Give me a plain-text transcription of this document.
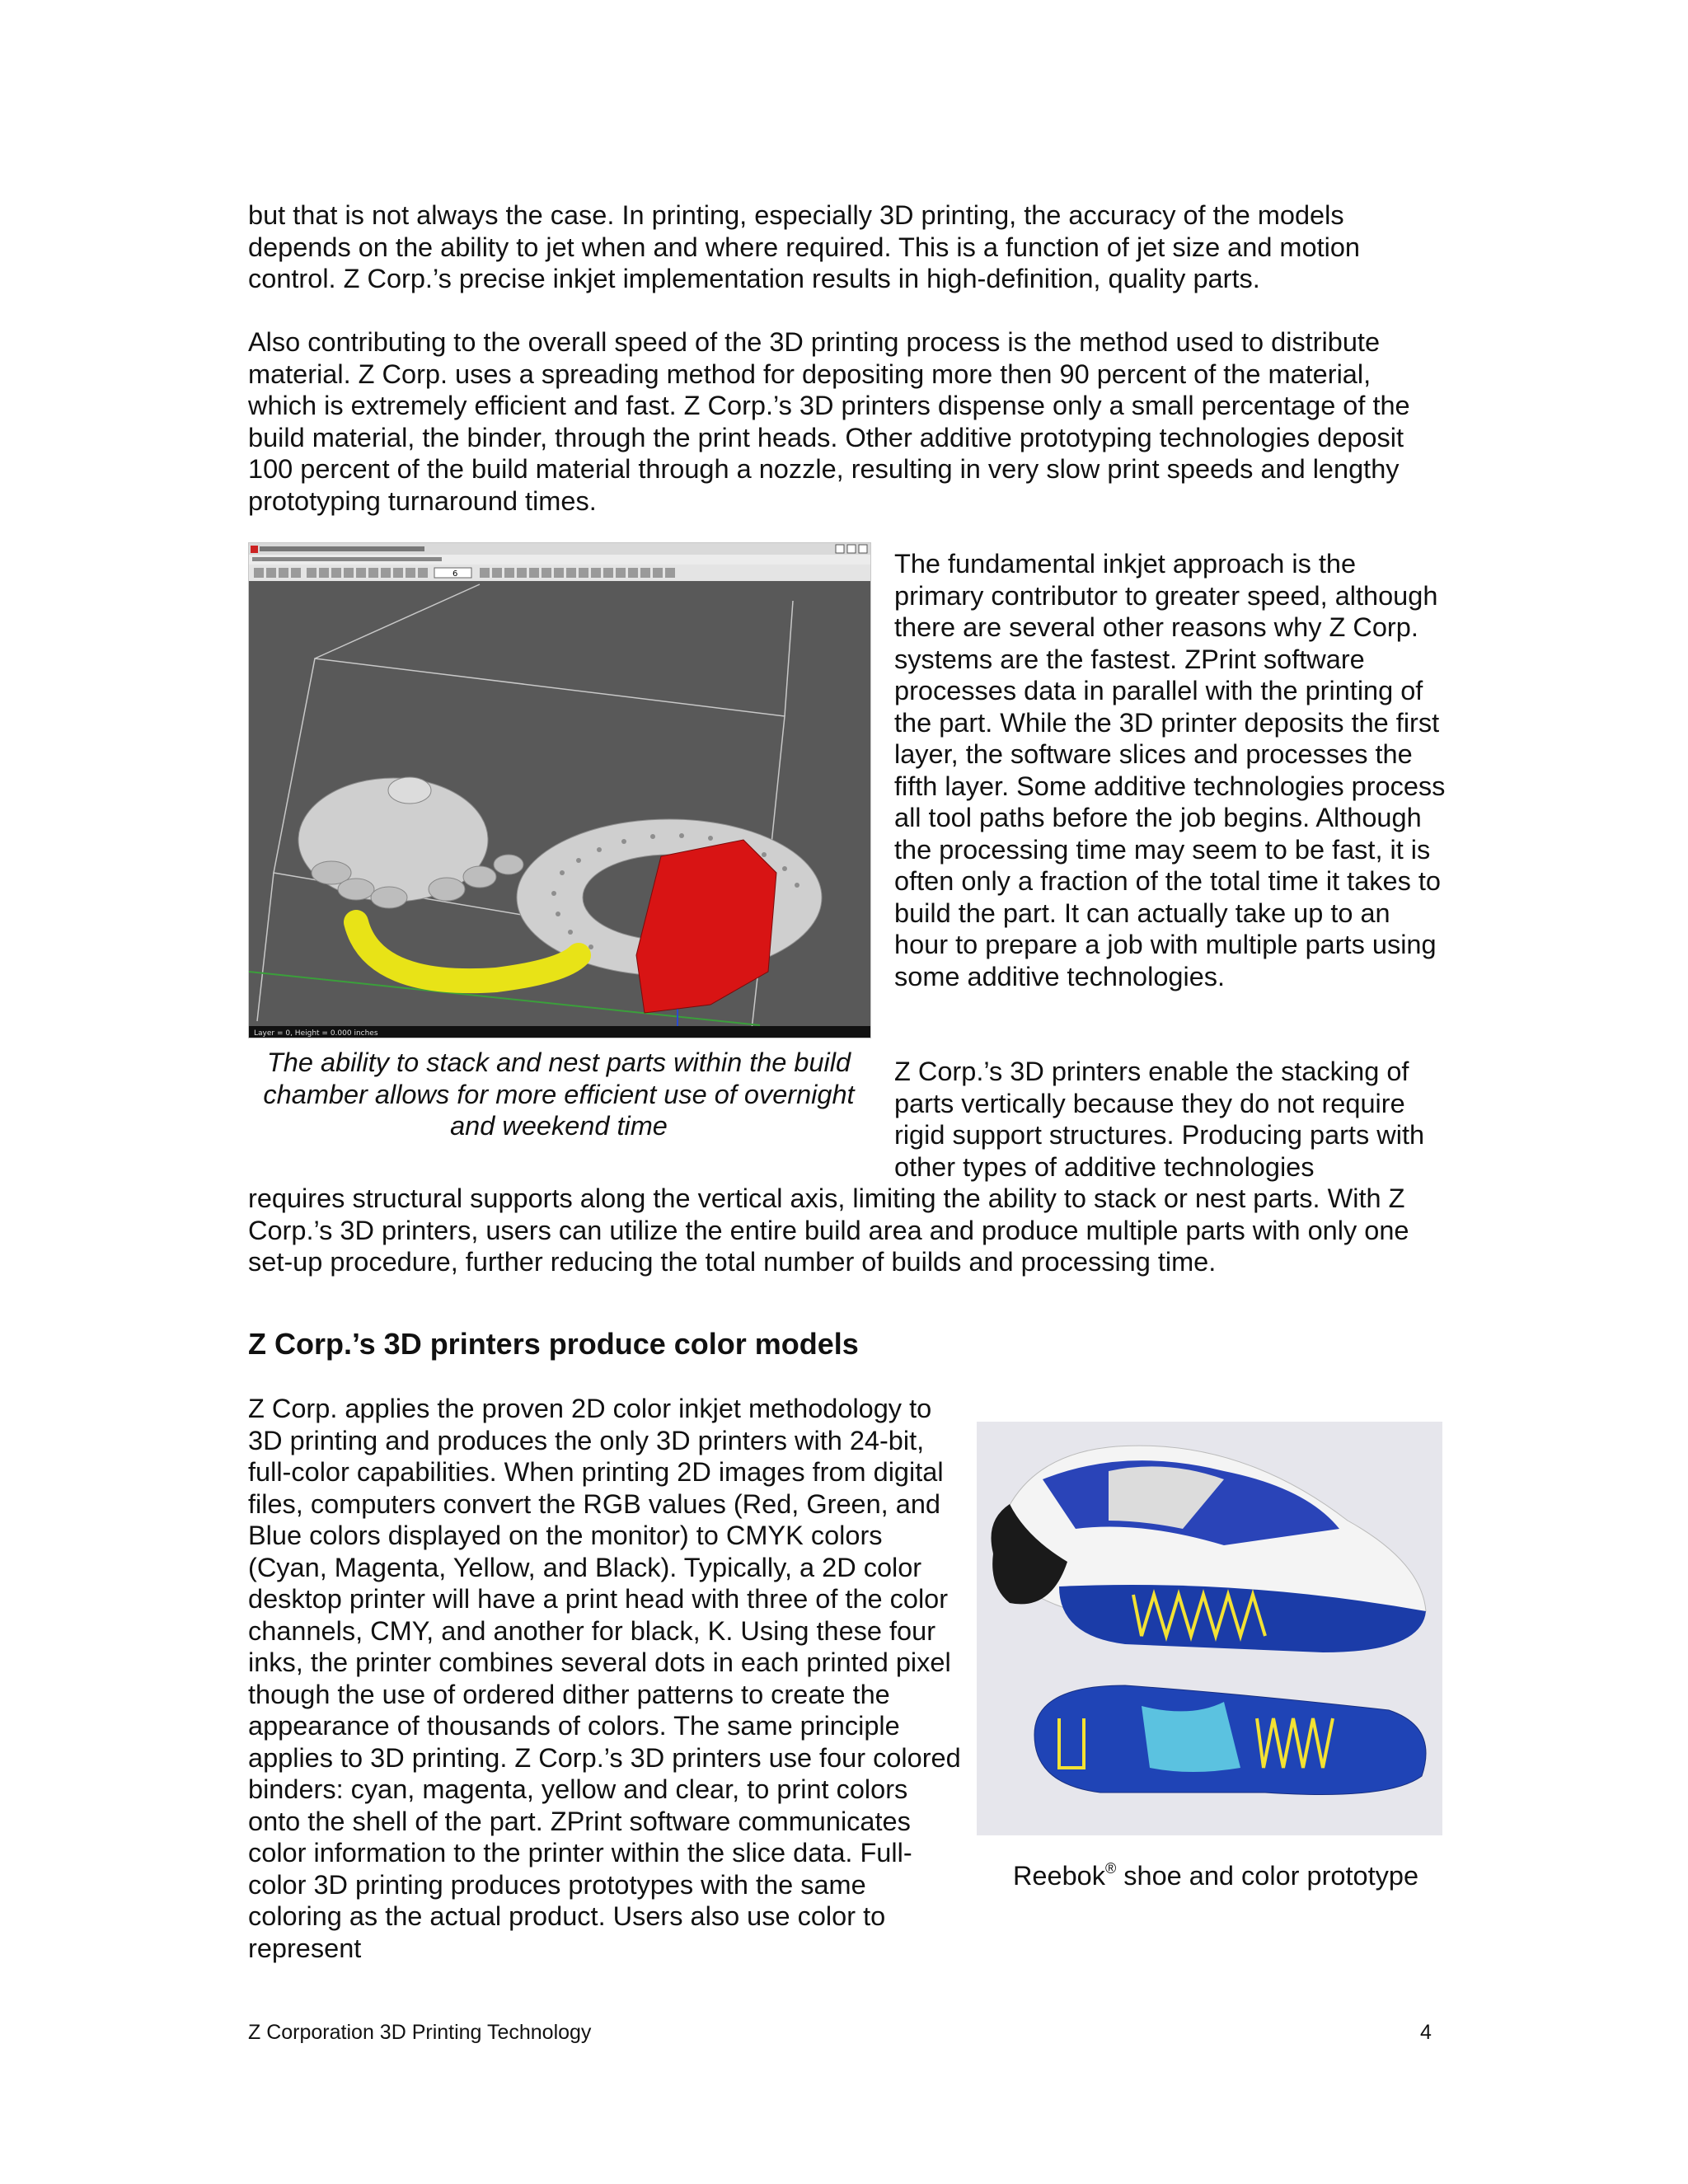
but that is not always the case. In printing, especially 3D printing, the accuracy of the models depends on the ability to jet when and where required. This is a function of jet size and motion control. Z Corp.’s precise inkjet implementation results in high-definition, quality parts.

Also contributing to the overall speed of the 3D printing process is the method used to distribute material. Z Corp. uses a spreading method for depositing more then 90 percent of the material, which is extremely efficient and fast. Z Corp.’s 3D printers dispense only a small percentage of the build material, the binder, through the print heads. Other additive prototyping technologies deposit 100 percent of the build material through a nozzle, resulting in very slow print speeds and lengthy prototyping turnaround times.

6
Layer = 0, Height = 0.000 inches

The ability to stack and nest parts within the build chamber allows for more efficient use of overnight and weekend time

The fundamental inkjet approach is the primary contributor to greater speed, although there are several other reasons why Z Corp. systems are the fastest. ZPrint software processes data in parallel with the printing of the part. While the 3D printer deposits the first layer, the software slices and processes the fifth layer. Some additive technologies process all tool paths before the job begins. Although the processing time may seem to be fast, it is often only a fraction of the total time it takes to build the part. It can actually take up to an hour to prepare a job with multiple parts using some additive technologies.

Z Corp.’s 3D printers enable the stacking of parts vertically because they do not require rigid support structures. Producing parts with other types of additive technologies

requires structural supports along the vertical axis, limiting the ability to stack or nest parts. With Z Corp.’s 3D printers, users can utilize the entire build area and produce multiple parts with only one set-up procedure, further reducing the total number of builds and processing time.

Z Corp.’s 3D printers produce color models

Z Corp. applies the proven 2D color inkjet methodology to 3D printing and produces the only 3D printers with 24-bit, full-color capabilities. When printing 2D images from digital files, computers convert the RGB values (Red, Green, and Blue colors displayed on the monitor) to CMYK colors (Cyan, Magenta, Yellow, and Black). Typically, a 2D color desktop printer will have a print head with three of the color channels, CMY, and another for black, K. Using these four inks, the printer combines several dots in each printed pixel though the use of ordered dither patterns to create the appearance of thousands of colors. The same principle applies to 3D printing. Z Corp.’s 3D printers use four colored binders: cyan, magenta, yellow and clear, to print colors onto the shell of the part. ZPrint software communicates color information to the printer within the slice data. Full-color 3D printing produces prototypes with the same coloring as the actual product. Users also use color to represent

Reebok® shoe and color prototype
Z Corporation 3D Printing Technology	4
